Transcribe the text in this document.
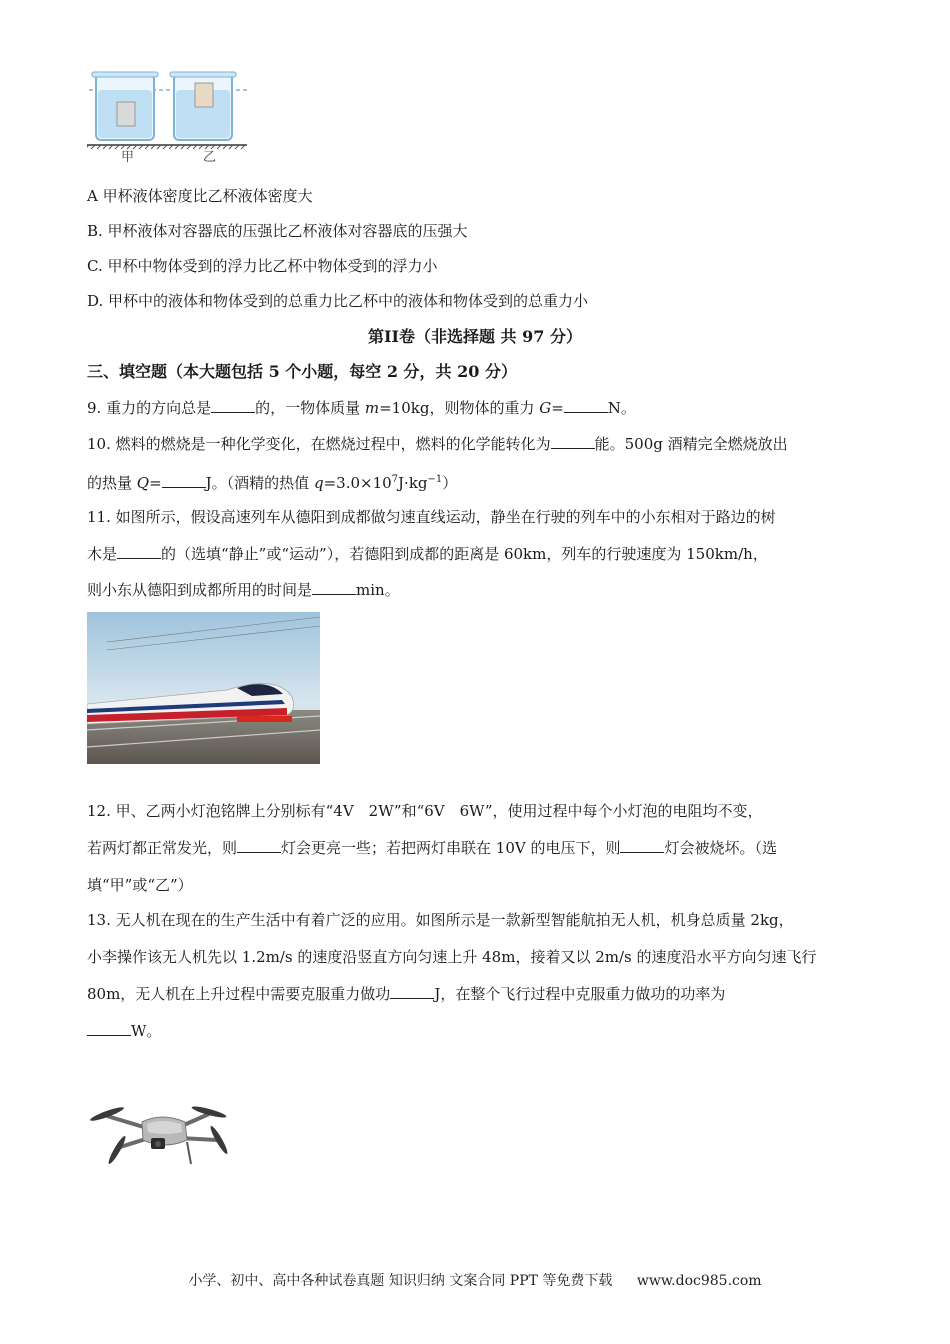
甲	乙
A 甲杯液体密度比乙杯液体密度大
B. 甲杯液体对容器底的压强比乙杯液体对容器底的压强大
C. 甲杯中物体受到的浮力比乙杯中物体受到的浮力小
D. 甲杯中的液体和物体受到的总重力比乙杯中的液体和物体受到的总重力小
第II卷（非选择题 共 97 分）
三、填空题（本大题包括 5 个小题，每空 2 分，共 20 分）
9. 重力的方向总是	的，一物体质量 m=10kg，则物体的重力 G=	N。
10. 燃料的燃烧是一种化学变化，在燃烧过程中，燃料的化学能转化为	能。500g 酒精完全燃烧放出
的热量 Q=	J。（酒精的热值 $q=3.0\times 10^7J\cdot kg^{-1}$）
11. 如图所示，假设高速列车从德阳到成都做匀速直线运动，静坐在行驶的列车中的小东相对于路边的树
木是	的（选填“静止”或“运动”），若德阳到成都的距离是 60km，列车的行驶速度为 150km/h，
则小东从德阳到成都所用的时间是	min。
12. 甲、乙两小灯泡铭牌上分别标有“4V　2W”和“6V　6W”，使用过程中每个小灯泡的电阻均不变，
若两灯都正常发光，则	灯会更亮一些；若把两灯串联在 10V 的电压下，则	灯会被烧坏。（选
填“甲”或“乙”）
13. 无人机在现在的生产生活中有着广泛的应用。如图所示是一款新型智能航拍无人机，机身总质量 2kg，
小李操作该无人机先以 1.2m/s 的速度沿竖直方向匀速上升 48m，接着又以 2m/s 的速度沿水平方向匀速飞行
80m，无人机在上升过程中需要克服重力做功	J，在整个飞行过程中克服重力做功的功率为
W。
小学、初中、高中各种试卷真题 知识归纳 文案合同 PPT 等免费下载 www.doc985.com
